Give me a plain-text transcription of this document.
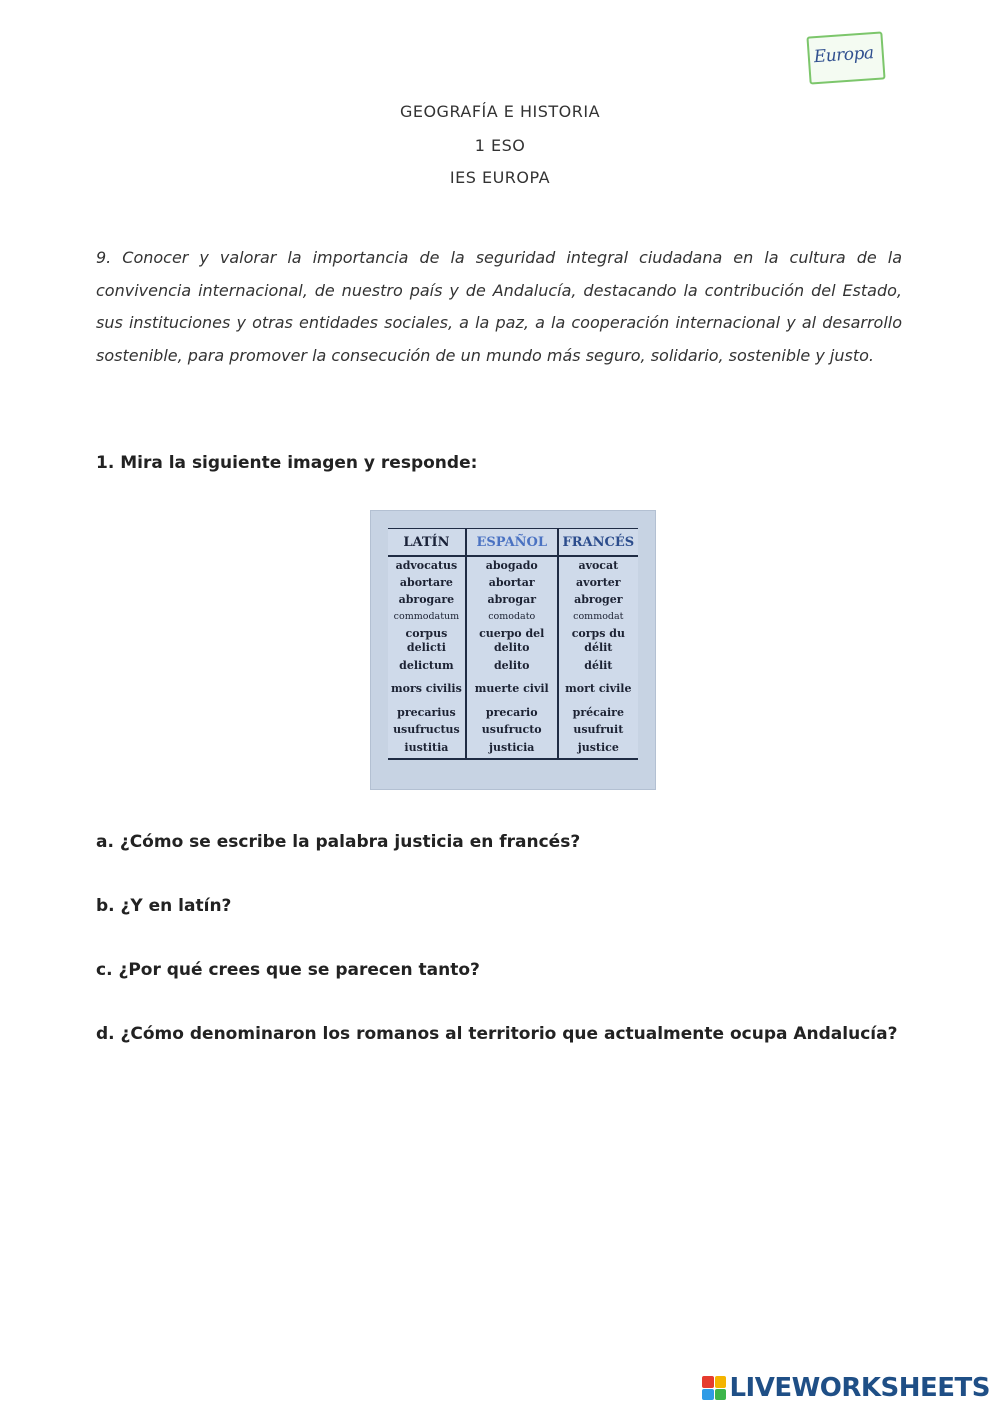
Europa
GEOGRAFÍA E HISTORIA
1 ESO
IES EUROPA

9. Conocer y valorar la importancia de la seguridad integral ciudadana en la cultura de la convivencia internacional, de nuestro país y de Andalucía, destacando la contribución del Estado, sus instituciones y otras entidades sociales, a la paz, a la cooperación internacional y al desarrollo sostenible, para promover la consecución de un mundo más seguro, solidario, sostenible y justo.

1. Mira la siguiente imagen y responde:

LATÍN	ESPAÑOL	FRANCÉS
advocatus	abogado	avocat
abortare	abortar	avorter
abrogare	abrogar	abroger
commodatum	comodato	commodat
corpus delicti	cuerpo del delito	corps du délit
delictum	delito	délit
mors civilis	muerte civil	mort civile
precarius	precario	précaire
usufructus	usufructo	usufruit
iustitia	justicia	justice

a. ¿Cómo se escribe la palabra justicia en francés?

b. ¿Y en latín?

c. ¿Por qué crees que se parecen tanto?

d. ¿Cómo denominaron los romanos al territorio que actualmente ocupa Andalucía?

LIVEWORKSHEETS
